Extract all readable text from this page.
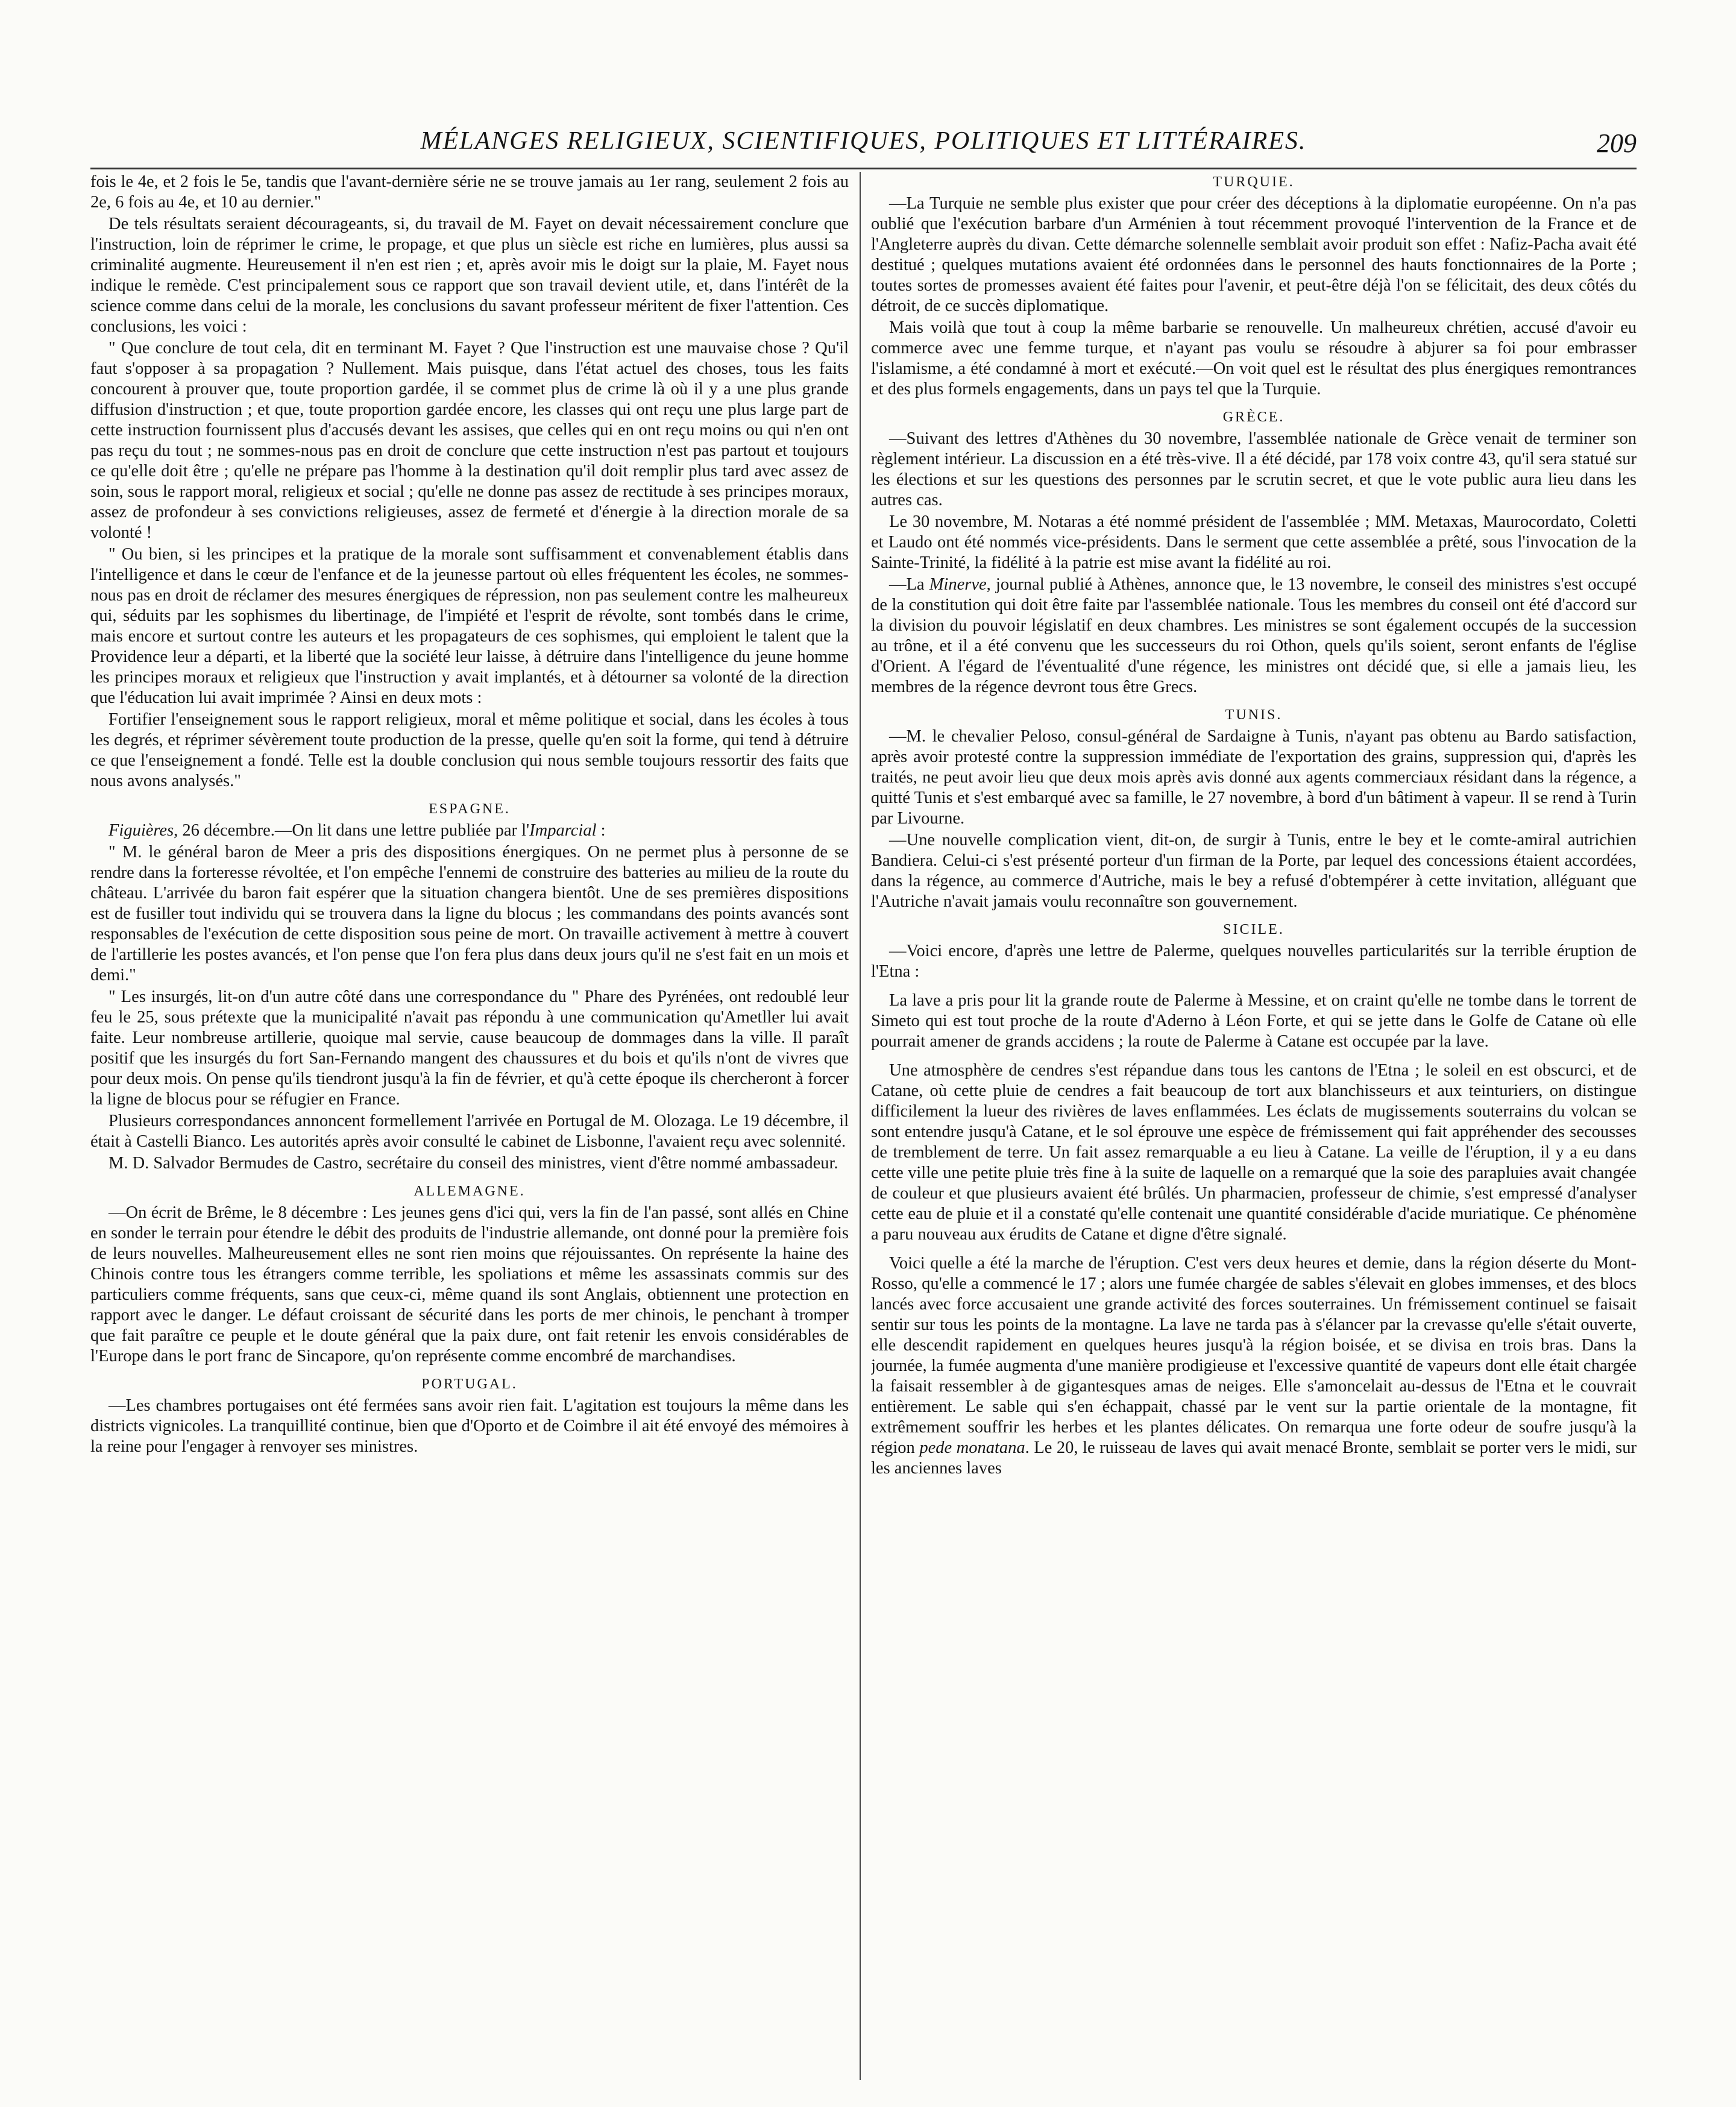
MÉLANGES RELIGIEUX, SCIENTIFIQUES, POLITIQUES ET LITTÉRAIRES.	209

fois le 4e, et 2 fois le 5e, tandis que l'avant-dernière série ne se trouve jamais au 1er rang, seulement 2 fois au 2e, 6 fois au 4e, et 10 au dernier."

De tels résultats seraient décourageants, si, du travail de M. Fayet on devait nécessairement conclure que l'instruction, loin de réprimer le crime, le propage, et que plus un siècle est riche en lumières, plus aussi sa criminalité augmente. Heureusement il n'en est rien ; et, après avoir mis le doigt sur la plaie, M. Fayet nous indique le remède. C'est principalement sous ce rapport que son travail devient utile, et, dans l'intérêt de la science comme dans celui de la morale, les conclusions du savant professeur méritent de fixer l'attention. Ces conclusions, les voici :

" Que conclure de tout cela, dit en terminant M. Fayet ? Que l'instruction est une mauvaise chose ? Qu'il faut s'opposer à sa propagation ? Nullement. Mais puisque, dans l'état actuel des choses, tous les faits concourent à prouver que, toute proportion gardée, il se commet plus de crime là où il y a une plus grande diffusion d'instruction ; et que, toute proportion gardée encore, les classes qui ont reçu une plus large part de cette instruction fournissent plus d'accusés devant les assises, que celles qui en ont reçu moins ou qui n'en ont pas reçu du tout ; ne sommes-nous pas en droit de conclure que cette instruction n'est pas partout et toujours ce qu'elle doit être ; qu'elle ne prépare pas l'homme à la destination qu'il doit remplir plus tard avec assez de soin, sous le rapport moral, religieux et social ; qu'elle ne donne pas assez de rectitude à ses principes moraux, assez de profondeur à ses convictions religieuses, assez de fermeté et d'énergie à la direction morale de sa volonté !

" Ou bien, si les principes et la pratique de la morale sont suffisamment et convenablement établis dans l'intelligence et dans le cœur de l'enfance et de la jeunesse partout où elles fréquentent les écoles, ne sommes-nous pas en droit de réclamer des mesures énergiques de répression, non pas seulement contre les malheureux qui, séduits par les sophismes du libertinage, de l'impiété et l'esprit de révolte, sont tombés dans le crime, mais encore et surtout contre les auteurs et les propagateurs de ces sophismes, qui emploient le talent que la Providence leur a départi, et la liberté que la société leur laisse, à détruire dans l'intelligence du jeune homme les principes moraux et religieux que l'instruction y avait implantés, et à détourner sa volonté de la direction que l'éducation lui avait imprimée ? Ainsi en deux mots :

Fortifier l'enseignement sous le rapport religieux, moral et même politique et social, dans les écoles à tous les degrés, et réprimer sévèrement toute production de la presse, quelle qu'en soit la forme, qui tend à détruire ce que l'enseignement a fondé. Telle est la double conclusion qui nous semble toujours ressortir des faits que nous avons analysés."

ESPAGNE.

Figuières, 26 décembre.—On lit dans une lettre publiée par l'Imparcial :

" M. le général baron de Meer a pris des dispositions énergiques. On ne permet plus à personne de se rendre dans la forteresse révoltée, et l'on empêche l'ennemi de construire des batteries au milieu de la route du château. L'arrivée du baron fait espérer que la situation changera bientôt. Une de ses premières dispositions est de fusiller tout individu qui se trouvera dans la ligne du blocus ; les commandans des points avancés sont responsables de l'exécution de cette disposition sous peine de mort. On travaille activement à mettre à couvert de l'artillerie les postes avancés, et l'on pense que l'on fera plus dans deux jours qu'il ne s'est fait en un mois et demi."

" Les insurgés, lit-on d'un autre côté dans une correspondance du " Phare des Pyrénées, ont redoublé leur feu le 25, sous prétexte que la municipalité n'avait pas répondu à une communication qu'Ametller lui avait faite. Leur nombreuse artillerie, quoique mal servie, cause beaucoup de dommages dans la ville. Il paraît positif que les insurgés du fort San-Fernando mangent des chaussures et du bois et qu'ils n'ont de vivres que pour deux mois. On pense qu'ils tiendront jusqu'à la fin de février, et qu'à cette époque ils chercheront à forcer la ligne de blocus pour se réfugier en France.

Plusieurs correspondances annoncent formellement l'arrivée en Portugal de M. Olozaga. Le 19 décembre, il était à Castelli Bianco. Les autorités après avoir consulté le cabinet de Lisbonne, l'avaient reçu avec solennité.

M. D. Salvador Bermudes de Castro, secrétaire du conseil des ministres, vient d'être nommé ambassadeur.

ALLEMAGNE.

—On écrit de Brême, le 8 décembre : Les jeunes gens d'ici qui, vers la fin de l'an passé, sont allés en Chine en sonder le terrain pour étendre le débit des produits de l'industrie allemande, ont donné pour la première fois de leurs nouvelles. Malheureusement elles ne sont rien moins que réjouissantes. On représente la haine des Chinois contre tous les étrangers comme terrible, les spoliations et même les assassinats commis sur des particuliers comme fréquents, sans que ceux-ci, même quand ils sont Anglais, obtiennent une protection en rapport avec le danger. Le défaut croissant de sécurité dans les ports de mer chinois, le penchant à tromper que fait paraître ce peuple et le doute général que la paix dure, ont fait retenir les envois considérables de l'Europe dans le port franc de Sincapore, qu'on représente comme encombré de marchandises.

PORTUGAL.

—Les chambres portugaises ont été fermées sans avoir rien fait. L'agitation est toujours la même dans les districts vignicoles. La tranquillité continue, bien que d'Oporto et de Coimbre il ait été envoyé des mémoires à la reine pour l'engager à renvoyer ses ministres.

TURQUIE.

—La Turquie ne semble plus exister que pour créer des déceptions à la diplomatie européenne. On n'a pas oublié que l'exécution barbare d'un Arménien à tout récemment provoqué l'intervention de la France et de l'Angleterre auprès du divan. Cette démarche solennelle semblait avoir produit son effet : Nafiz-Pacha avait été destitué ; quelques mutations avaient été ordonnées dans le personnel des hauts fonctionnaires de la Porte ; toutes sortes de promesses avaient été faites pour l'avenir, et peut-être déjà l'on se félicitait, des deux côtés du détroit, de ce succès diplomatique.

Mais voilà que tout à coup la même barbarie se renouvelle. Un malheureux chrétien, accusé d'avoir eu commerce avec une femme turque, et n'ayant pas voulu se résoudre à abjurer sa foi pour embrasser l'islamisme, a été condamné à mort et exécuté.—On voit quel est le résultat des plus énergiques remontrances et des plus formels engagements, dans un pays tel que la Turquie.

GRÈCE.

—Suivant des lettres d'Athènes du 30 novembre, l'assemblée nationale de Grèce venait de terminer son règlement intérieur. La discussion en a été très-vive. Il a été décidé, par 178 voix contre 43, qu'il sera statué sur les élections et sur les questions des personnes par le scrutin secret, et que le vote public aura lieu dans les autres cas.

Le 30 novembre, M. Notaras a été nommé président de l'assemblée ; MM. Metaxas, Maurocordato, Coletti et Laudo ont été nommés vice-présidents. Dans le serment que cette assemblée a prêté, sous l'invocation de la Sainte-Trinité, la fidélité à la patrie est mise avant la fidélité au roi.

—La Minerve, journal publié à Athènes, annonce que, le 13 novembre, le conseil des ministres s'est occupé de la constitution qui doit être faite par l'assemblée nationale. Tous les membres du conseil ont été d'accord sur la division du pouvoir législatif en deux chambres. Les ministres se sont également occupés de la succession au trône, et il a été convenu que les successeurs du roi Othon, quels qu'ils soient, seront enfants de l'église d'Orient. A l'égard de l'éventualité d'une régence, les ministres ont décidé que, si elle a jamais lieu, les membres de la régence devront tous être Grecs.

TUNIS.

—M. le chevalier Peloso, consul-général de Sardaigne à Tunis, n'ayant pas obtenu au Bardo satisfaction, après avoir protesté contre la suppression immédiate de l'exportation des grains, suppression qui, d'après les traités, ne peut avoir lieu que deux mois après avis donné aux agents commerciaux résidant dans la régence, a quitté Tunis et s'est embarqué avec sa famille, le 27 novembre, à bord d'un bâtiment à vapeur. Il se rend à Turin par Livourne.

—Une nouvelle complication vient, dit-on, de surgir à Tunis, entre le bey et le comte-amiral autrichien Bandiera. Celui-ci s'est présenté porteur d'un firman de la Porte, par lequel des concessions étaient accordées, dans la régence, au commerce d'Autriche, mais le bey a refusé d'obtempérer à cette invitation, alléguant que l'Autriche n'avait jamais voulu reconnaître son gouvernement.

SICILE.

—Voici encore, d'après une lettre de Palerme, quelques nouvelles particularités sur la terrible éruption de l'Etna :

La lave a pris pour lit la grande route de Palerme à Messine, et on craint qu'elle ne tombe dans le torrent de Simeto qui est tout proche de la route d'Aderno à Léon Forte, et qui se jette dans le Golfe de Catane où elle pourrait amener de grands accidens ; la route de Palerme à Catane est occupée par la lave.

Une atmosphère de cendres s'est répandue dans tous les cantons de l'Etna ; le soleil en est obscurci, et de Catane, où cette pluie de cendres a fait beaucoup de tort aux blanchisseurs et aux teinturiers, on distingue difficilement la lueur des rivières de laves enflammées. Les éclats de mugissements souterrains du volcan se sont entendre jusqu'à Catane, et le sol éprouve une espèce de frémissement qui fait appréhender des secousses de tremblement de terre. Un fait assez remarquable a eu lieu à Catane. La veille de l'éruption, il y a eu dans cette ville une petite pluie très fine à la suite de laquelle on a remarqué que la soie des parapluies avait changée de couleur et que plusieurs avaient été brûlés. Un pharmacien, professeur de chimie, s'est empressé d'analyser cette eau de pluie et il a constaté qu'elle contenait une quantité considérable d'acide muriatique. Ce phénomène a paru nouveau aux érudits de Catane et digne d'être signalé.

Voici quelle a été la marche de l'éruption. C'est vers deux heures et demie, dans la région déserte du Mont-Rosso, qu'elle a commencé le 17 ; alors une fumée chargée de sables s'élevait en globes immenses, et des blocs lancés avec force accusaient une grande activité des forces souterraines. Un frémissement continuel se faisait sentir sur tous les points de la montagne. La lave ne tarda pas à s'élancer par la crevasse qu'elle s'était ouverte, elle descendit rapidement en quelques heures jusqu'à la région boisée, et se divisa en trois bras. Dans la journée, la fumée augmenta d'une manière prodigieuse et l'excessive quantité de vapeurs dont elle était chargée la faisait ressembler à de gigantesques amas de neiges. Elle s'amoncelait au-dessus de l'Etna et le couvrait entièrement. Le sable qui s'en échappait, chassé par le vent sur la partie orientale de la montagne, fit extrêmement souffrir les herbes et les plantes délicates. On remarqua une forte odeur de soufre jusqu'à la région pede monatana. Le 20, le ruisseau de laves qui avait menacé Bronte, semblait se porter vers le midi, sur les anciennes laves
